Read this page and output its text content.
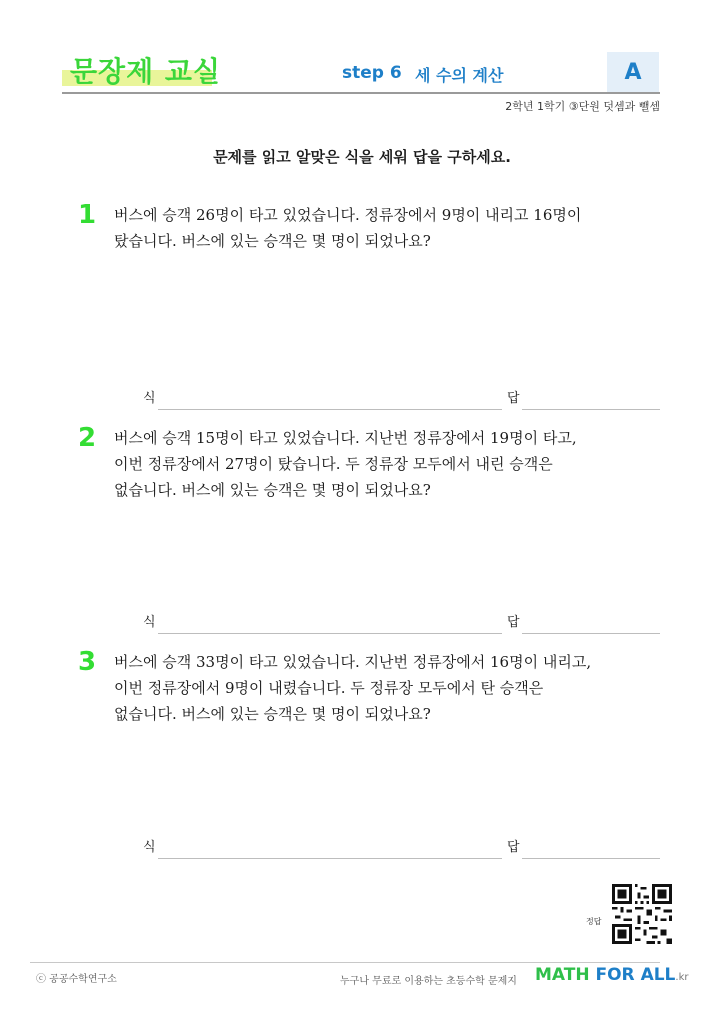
문장제 교실	step 6 세 수의 계산	A
2학년 1학기 ③단원 덧셈과 뺄셈
문제를 읽고 알맞은 식을 세워 답을 구하세요.
1 버스에 승객 26명이 타고 있었습니다. 정류장에서 9명이 내리고 16명이
탔습니다. 버스에 있는 승객은 몇 명이 되었나요?
식	답
2 버스에 승객 15명이 타고 있었습니다. 지난번 정류장에서 19명이 타고,
이번 정류장에서 27명이 탔습니다. 두 정류장 모두에서 내린 승객은
없습니다. 버스에 있는 승객은 몇 명이 되었나요?
식	답
3 버스에 승객 33명이 타고 있었습니다. 지난번 정류장에서 16명이 내리고,
이번 정류장에서 9명이 내렸습니다. 두 정류장 모두에서 탄 승객은
없습니다. 버스에 있는 승객은 몇 명이 되었나요?
식	답
정답
ⓒ 공공수학연구소	누구나 무료로 이용하는 초등수학 문제지 MATH FOR ALL.kr
